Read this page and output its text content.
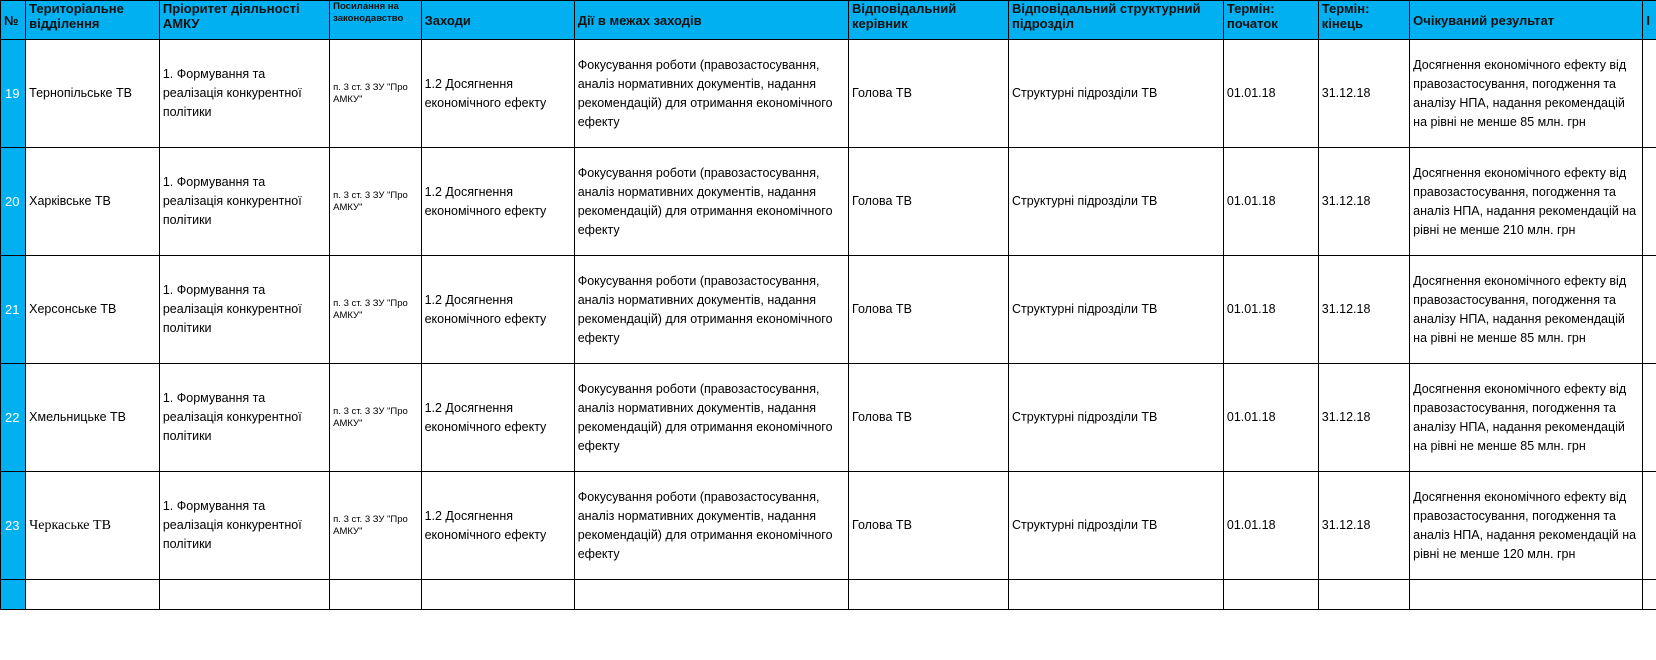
№	Територіальне відділення	Пріоритет діяльності АМКУ	Посилання на законодавство	Заходи	Дії в межах заходів	Відповідальний керівник	Відповідальний структурний підрозділ	Термін: початок	Термін: кінець	Очікуваний результат	І
19	Тернопільське ТВ	1. Формування та реалізація конкурентної політики	п. 3 ст. 3 ЗУ "Про АМКУ"	1.2 Досягнення економічного ефекту	Фокусування роботи (правозастосування, аналіз нормативних документів, надання рекомендацій) для отримання економічного ефекту	Голова ТВ	Структурні підрозділи ТВ	01.01.18	31.12.18	Досягнення економічного ефекту від правозастосування, погодження та аналізу НПА, надання рекомендацій на рівні не менше 85 млн. грн	
20	Харківське ТВ	1. Формування та реалізація конкурентної політики	п. 3 ст. 3 ЗУ "Про АМКУ"	1.2 Досягнення економічного ефекту	Фокусування роботи (правозастосування, аналіз нормативних документів, надання рекомендацій) для отримання економічного ефекту	Голова ТВ	Структурні підрозділи ТВ	01.01.18	31.12.18	Досягнення економічного ефекту від правозастосування, погодження та аналіз НПА, надання рекомендацій на рівні не менше 210 млн. грн	
21	Херсонське ТВ	1. Формування та реалізація конкурентної політики	п. 3 ст. 3 ЗУ "Про АМКУ"	1.2 Досягнення економічного ефекту	Фокусування роботи (правозастосування, аналіз нормативних документів, надання рекомендацій) для отримання економічного ефекту	Голова ТВ	Структурні підрозділи ТВ	01.01.18	31.12.18	Досягнення економічного ефекту від правозастосування, погодження та аналізу НПА, надання рекомендацій на рівні не менше 85 млн. грн	
22	Хмельницьке ТВ	1. Формування та реалізація конкурентної політики	п. 3 ст. 3 ЗУ "Про АМКУ"	1.2 Досягнення економічного ефекту	Фокусування роботи (правозастосування, аналіз нормативних документів, надання рекомендацій) для отримання економічного ефекту	Голова ТВ	Структурні підрозділи ТВ	01.01.18	31.12.18	Досягнення економічного ефекту від правозастосування, погодження та аналізу НПА, надання рекомендацій на рівні не менше 85 млн. грн	
23	Черкаське ТВ	1. Формування та реалізація конкурентної політики	п. 3 ст. 3 ЗУ "Про АМКУ"	1.2 Досягнення економічного ефекту	Фокусування роботи (правозастосування, аналіз нормативних документів, надання рекомендацій) для отримання економічного ефекту	Голова ТВ	Структурні підрозділи ТВ	01.01.18	31.12.18	Досягнення економічного ефекту від правозастосування, погодження та аналіз НПА, надання рекомендацій на рівні не менше 120 млн. грн	
